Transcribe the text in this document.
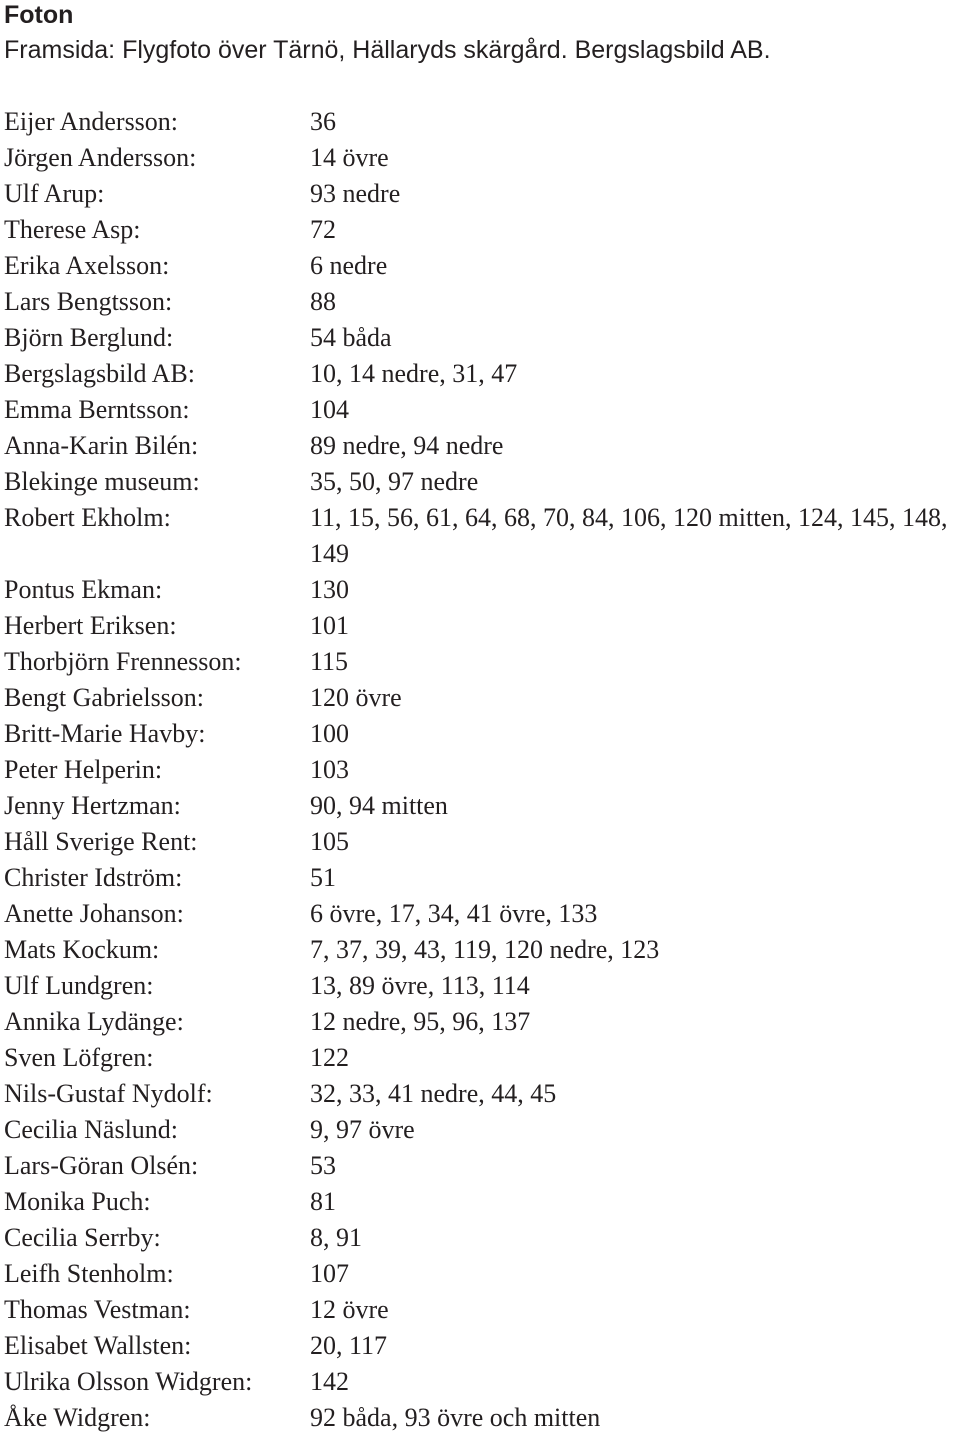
Foton
Framsida: Flygfoto över Tärnö, Hällaryds skärgård. Bergslagsbild AB.
Eijer Andersson:	36
Jörgen Andersson:	14 övre
Ulf Arup:	93 nedre
Therese Asp:	72
Erika Axelsson:	6 nedre
Lars Bengtsson:	88
Björn Berglund:	54 båda
Bergslagsbild AB:	10, 14 nedre, 31, 47
Emma Berntsson:	104
Anna-Karin Bilén:	89 nedre, 94 nedre
Blekinge museum:	35, 50, 97 nedre
Robert Ekholm:	11, 15, 56, 61, 64, 68, 70, 84, 106, 120 mitten, 124, 145, 148, 149
Pontus Ekman:	130
Herbert Eriksen:	101
Thorbjörn Frennesson:	115
Bengt Gabrielsson:	120 övre
Britt-Marie Havby:	100
Peter Helperin:	103
Jenny Hertzman:	90, 94 mitten
Håll Sverige Rent:	105
Christer Idström:	51
Anette Johanson:	6 övre, 17, 34, 41 övre, 133
Mats Kockum:	7, 37, 39, 43, 119, 120 nedre, 123
Ulf Lundgren:	13, 89 övre, 113, 114
Annika Lydänge:	12 nedre, 95, 96, 137
Sven Löfgren:	122
Nils-Gustaf Nydolf:	32, 33, 41 nedre, 44, 45
Cecilia Näslund:	9, 97 övre
Lars-Göran Olsén:	53
Monika Puch:	81
Cecilia Serrby:	8, 91
Leifh Stenholm:	107
Thomas Vestman:	12 övre
Elisabet Wallsten:	20, 117
Ulrika Olsson Widgren:	142
Åke Widgren:	92 båda, 93 övre och mitten
